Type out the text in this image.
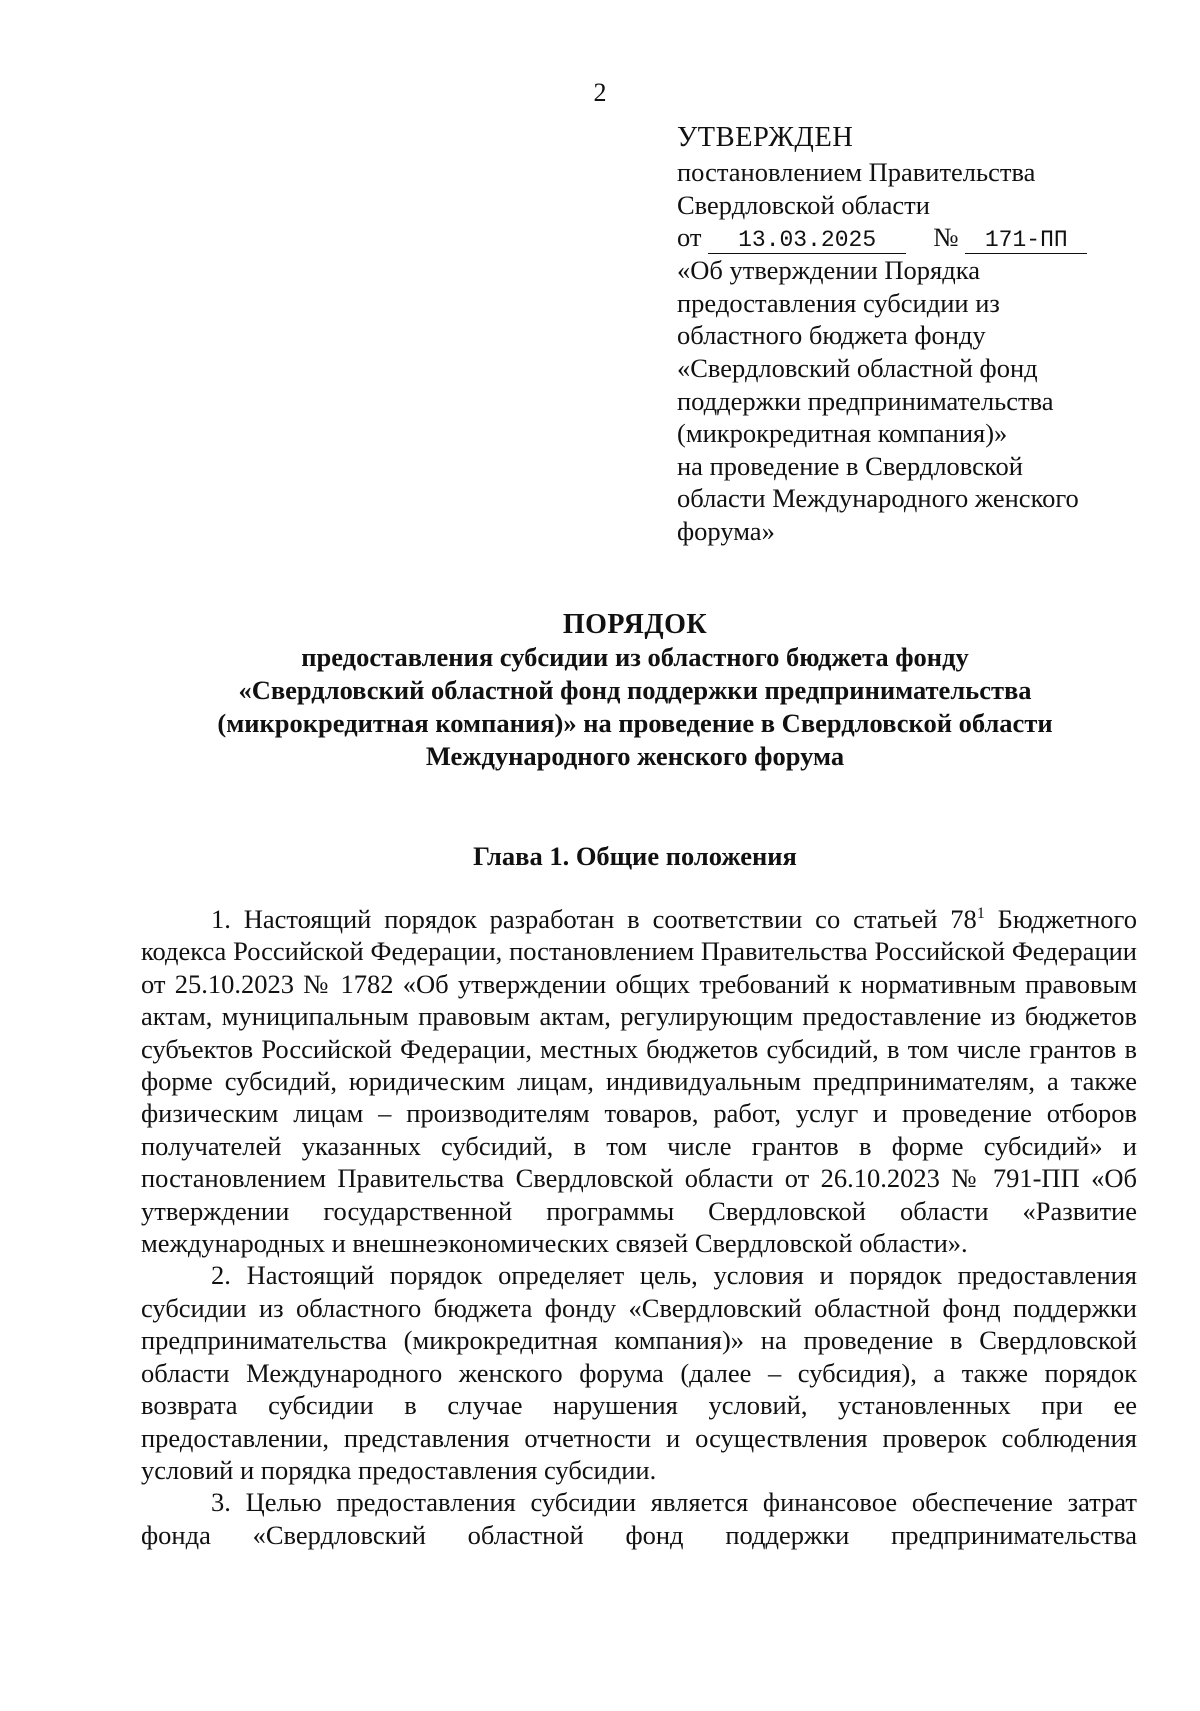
2
УТВЕРЖДЕН
постановлением Правительства
Свердловской области
от 13.03.2025 № 171-ПП
«Об утверждении Порядка
предоставления субсидии из
областного бюджета фонду
«Свердловский областной фонд
поддержки предпринимательства
(микрокредитная компания)»
на проведение в Свердловской
области Международного женского
форума»
ПОРЯДОК
предоставления субсидии из областного бюджета фонду
«Свердловский областной фонд поддержки предпринимательства
(микрокредитная компания)» на проведение в Свердловской области
Международного женского форума
Глава 1. Общие положения

1. Настоящий порядок разработан в соответствии со статьей $78^1$ Бюджетного кодекса Российской Федерации, постановлением Правительства Российской Федерации от 25.10.2023 № 1782 «Об утверждении общих требований к нормативным правовым актам, муниципальным правовым актам, регулирующим предоставление из бюджетов субъектов Российской Федерации, местных бюджетов субсидий, в том числе грантов в форме субсидий, юридическим лицам, индивидуальным предпринимателям, а также физическим лицам – производителям товаров, работ, услуг и проведение отборов получателей указанных субсидий, в том числе грантов в форме субсидий» и постановлением Правительства Свердловской области от 26.10.2023 № 791-ПП «Об утверждении государственной программы Свердловской области «Развитие международных и внешнеэкономических связей Свердловской области».

2. Настоящий порядок определяет цель, условия и порядок предоставления субсидии из областного бюджета фонду «Свердловский областной фонд поддержки предпринимательства (микрокредитная компания)» на проведение в Свердловской области Международного женского форума (далее – субсидия), а также порядок возврата субсидии в случае нарушения условий, установленных при ее предоставлении, представления отчетности и осуществления проверок соблюдения условий и порядка предоставления субсидии.

3. Целью предоставления субсидии является финансовое обеспечение затрат фонда «Свердловский областной фонд поддержки предпринимательства
